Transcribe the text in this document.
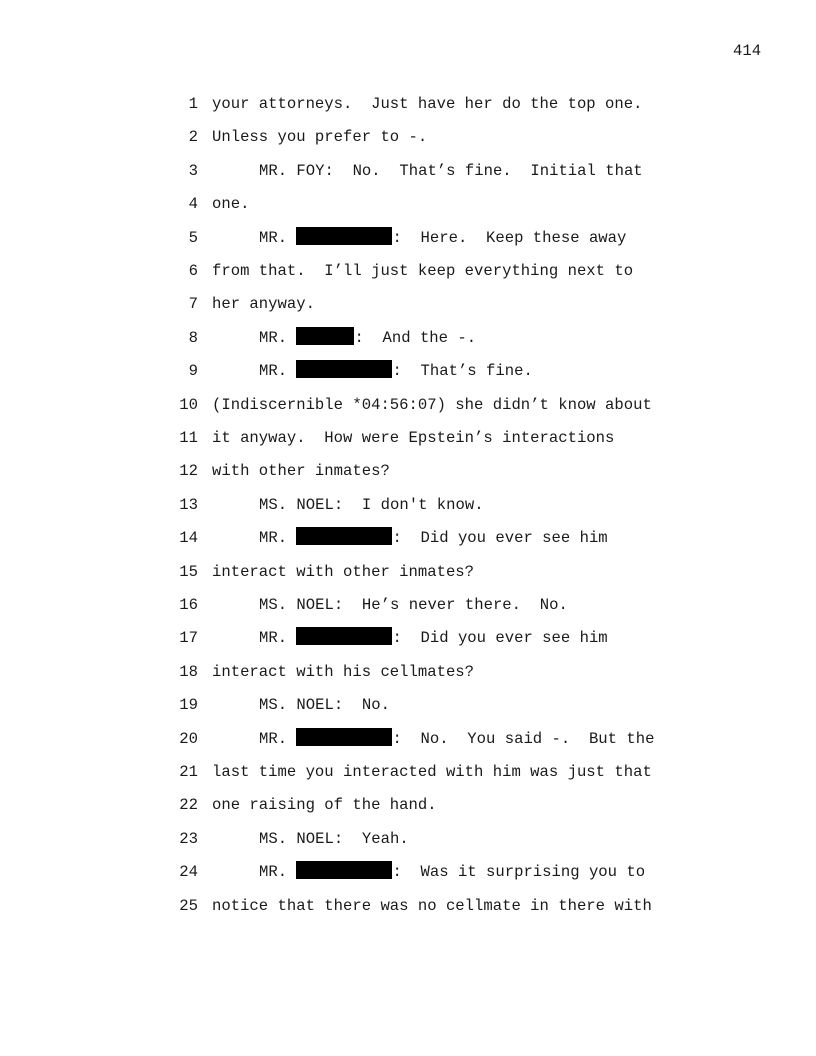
414
1 your attorneys.  Just have her do the top one.
2 Unless you prefer to -.
3	MR. FOY:  No.  That’s fine.  Initial that
4 one.
5	MR.	:  Here.  Keep these away
6 from that.  I’ll just keep everything next to
7 her anyway.
8	MR.	:  And the -.
9	MR.	:  That’s fine.
10 (Indiscernible *04:56:07) she didn’t know about
11 it anyway.  How were Epstein’s interactions
12 with other inmates?
13	MS. NOEL:  I don't know.
14	MR.	:  Did you ever see him
15 interact with other inmates?
16	MS. NOEL:  He’s never there.  No.
17	MR.	:  Did you ever see him
18 interact with his cellmates?
19	MS. NOEL:  No.
20	MR.	:  No.  You said -.  But the
21 last time you interacted with him was just that
22 one raising of the hand.
23	MS. NOEL:  Yeah.
24	MR.	:  Was it surprising you to
25 notice that there was no cellmate in there with
